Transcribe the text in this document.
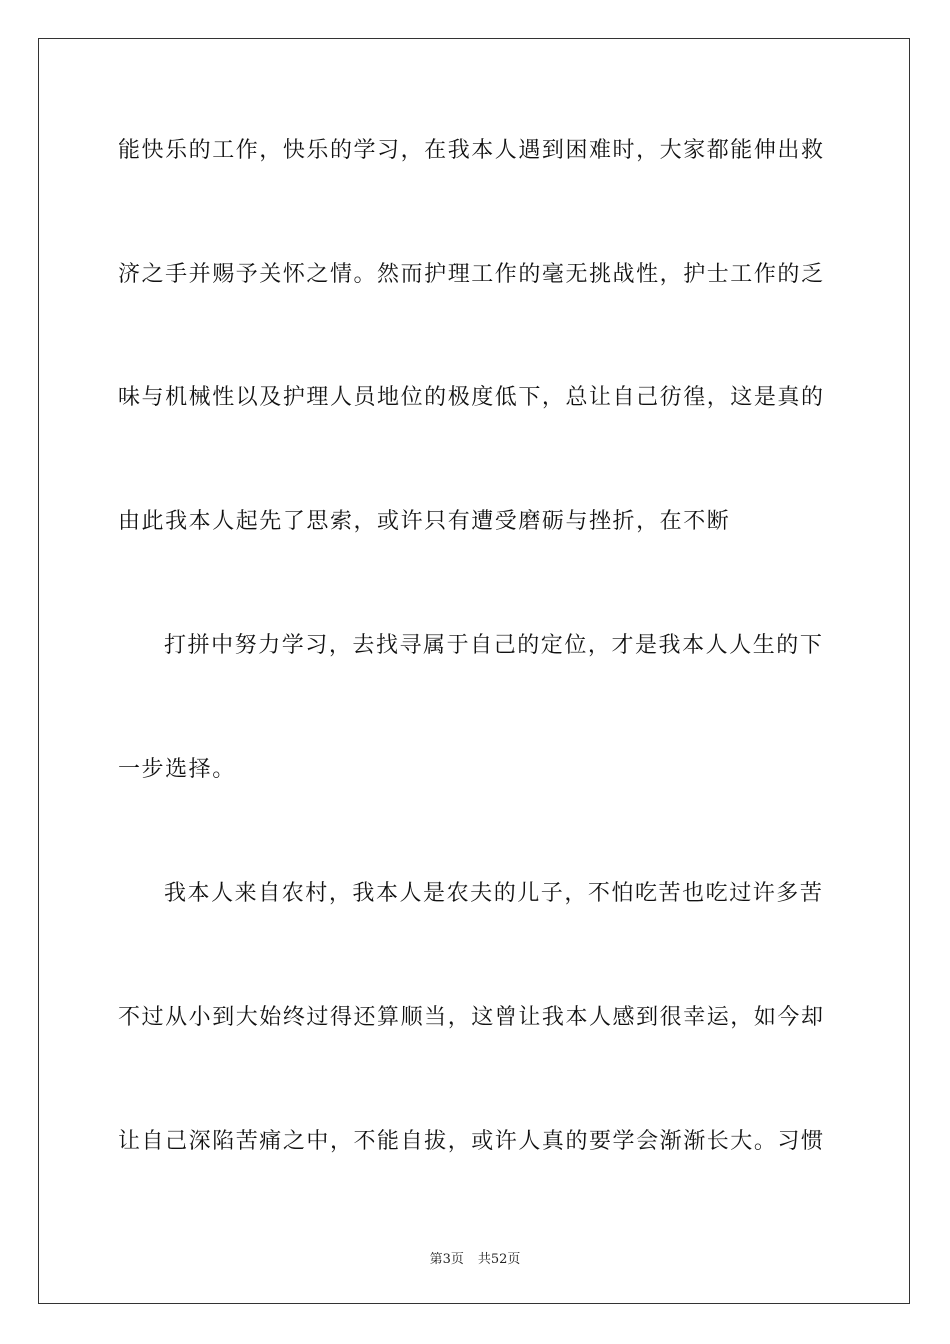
能快乐的工作，快乐的学习，在我本人遇到困难时，大家都能伸出救
济之手并赐予关怀之情。然而护理工作的毫无挑战性，护士工作的乏
味与机械性以及护理人员地位的极度低下，总让自己彷徨，这是真的
由此我本人起先了思索，或许只有遭受磨砺与挫折，在不断
打拼中努力学习，去找寻属于自己的定位，才是我本人人生的下
一步选择。
我本人来自农村，我本人是农夫的儿子，不怕吃苦也吃过许多苦
不过从小到大始终过得还算顺当，这曾让我本人感到很幸运，如今却
让自己深陷苦痛之中，不能自拔，或许人真的要学会渐渐长大。习惯
第3页 共52页
